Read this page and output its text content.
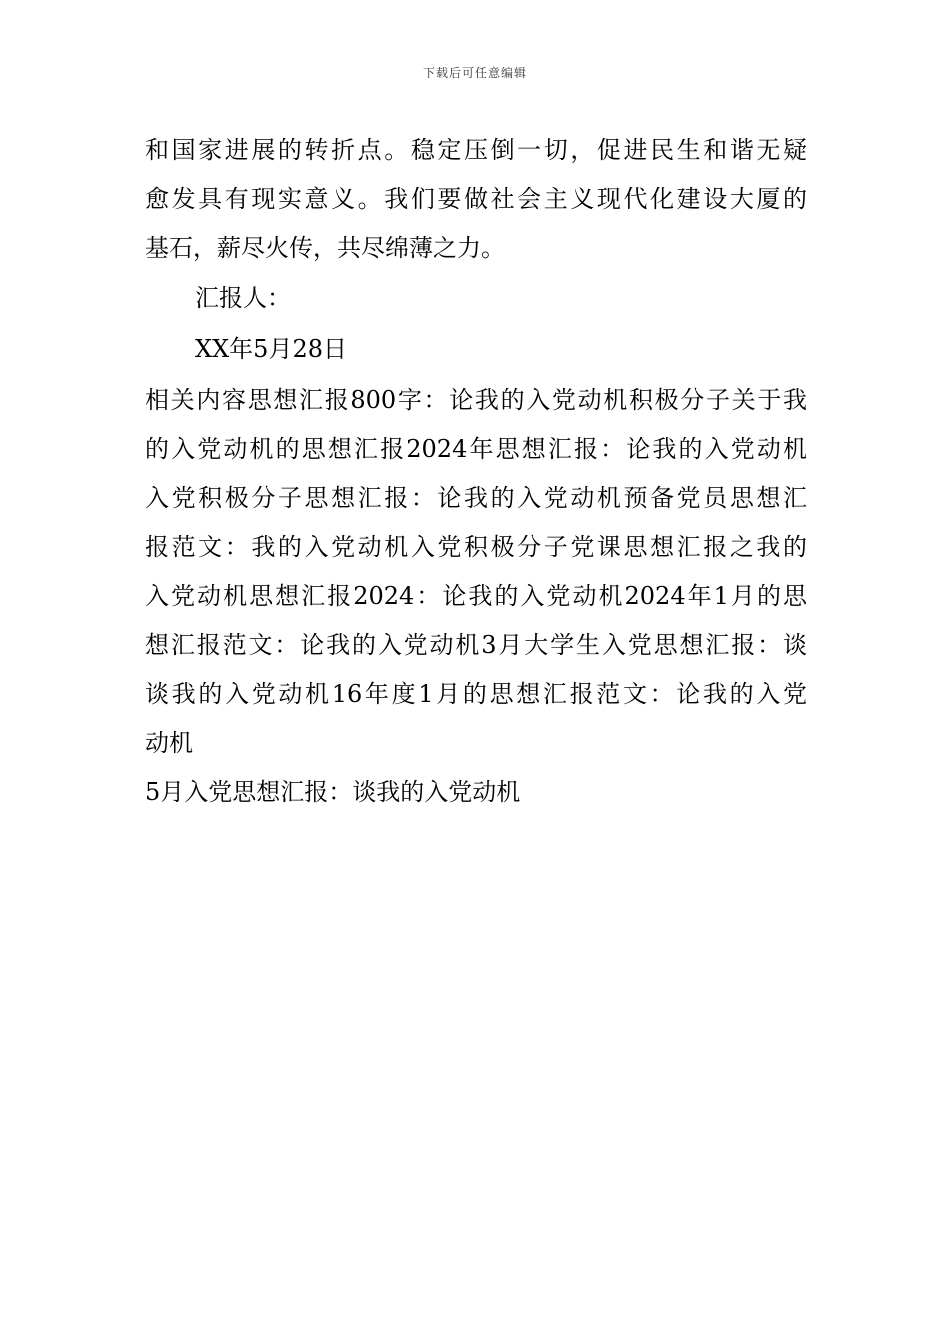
下载后可任意编辑
和国家进展的转折点。稳定压倒一切，促进民生和谐无疑
愈发具有现实意义。我们要做社会主义现代化建设大厦的
基石，薪尽火传，共尽绵薄之力。
汇报人：
XX年5月28日
相关内容思想汇报800字：论我的入党动机积极分子关于我
的入党动机的思想汇报2024年思想汇报：论我的入党动机
入党积极分子思想汇报：论我的入党动机预备党员思想汇
报范文：我的入党动机入党积极分子党课思想汇报之我的
入党动机思想汇报2024：论我的入党动机2024年1月的思
想汇报范文：论我的入党动机3月大学生入党思想汇报：谈
谈我的入党动机16年度1月的思想汇报范文：论我的入党
动机
5月入党思想汇报：谈我的入党动机
